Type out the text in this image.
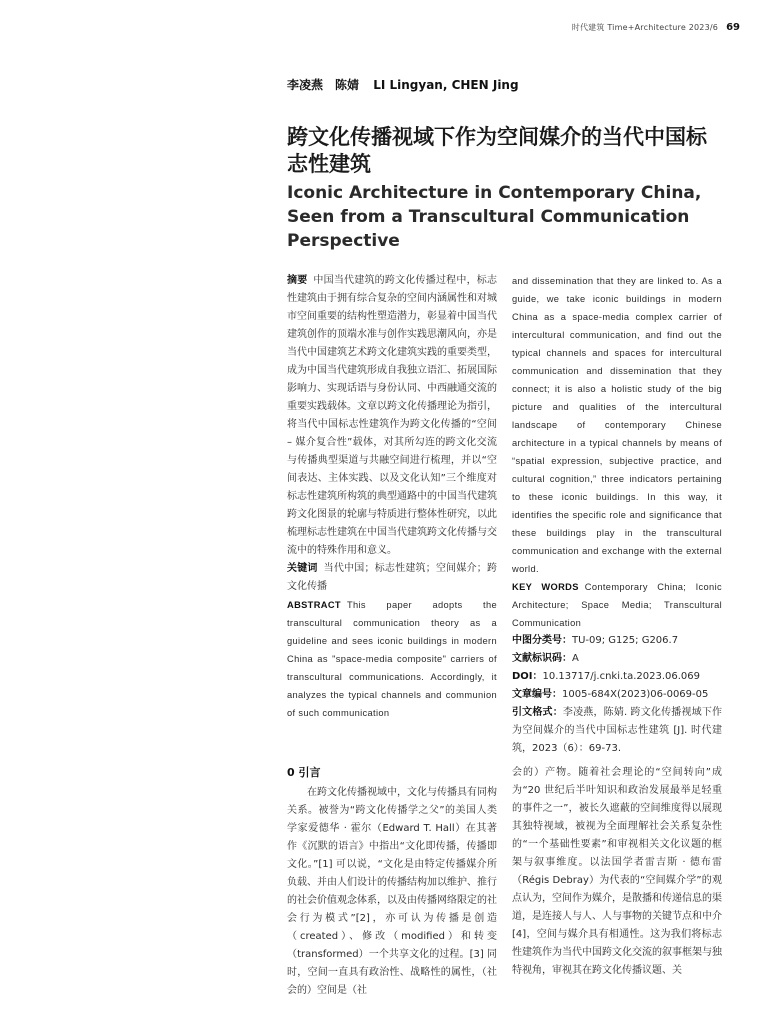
时代建筑 Time+Architecture 2023/6 69
李凌燕　陈婧 LI Lingyan, CHEN Jing
跨文化传播视域下作为空间媒介的当代中国标志性建筑
Iconic Architecture in Contemporary China, Seen from a Transcultural Communication Perspective

摘要 中国当代建筑的跨文化传播过程中，标志性建筑由于拥有综合复杂的空间内涵属性和对城市空间重要的结构性塑造潜力，彰显着中国当代建筑创作的顶端水准与创作实践思潮风向，亦是当代中国建筑艺术跨文化建筑实践的重要类型，成为中国当代建筑形成自我独立语汇、拓展国际影响力、实现话语与身份认同、中西融通交流的重要实践载体。文章以跨文化传播理论为指引，将当代中国标志性建筑作为跨文化传播的“空间 – 媒介复合性”载体，对其所勾连的跨文化交流与传播典型渠道与共融空间进行梳理，并以“空间表达、主体实践、以及文化认知”三个维度对标志性建筑所构筑的典型通路中的中国当代建筑跨文化图景的轮廓与特质进行整体性研究，以此梳理标志性建筑在中国当代建筑跨文化传播与交流中的特殊作用和意义。

关键词 当代中国；标志性建筑；空间媒介；跨文化传播

ABSTRACT This paper adopts the transcultural communication theory as a guideline and sees iconic buildings in modern China as "space-media composite" carriers of transcultural communications. Accordingly, it analyzes the typical channels and communion of such communication

and dissemination that they are linked to. As a guide, we take iconic buildings in modern China as a space-media complex carrier of intercultural communication, and find out the typical channels and spaces for intercultural communication and dissemination that they connect; it is also a holistic study of the big picture and qualities of the intercultural landscape of contemporary Chinese architecture in a typical channels by means of “spatial expression, subjective practice, and cultural cognition,” three indicators pertaining to these iconic buildings. In this way, it identifies the specific role and significance that these buildings play in the transcultural communication and exchange with the external world.

KEY WORDS Contemporary China; Iconic Architecture; Space Media; Transcultural Communication

中图分类号：TU-09; G125; G206.7

文献标识码：A

DOI：10.13717/j.cnki.ta.2023.06.069

文章编号：1005-684X(2023)06-0069-05

引文格式：李凌燕，陈婧. 跨文化传播视域下作为空间媒介的当代中国标志性建筑 [J]. 时代建筑，2023（6）：69-73.

0 引言

在跨文化传播视域中，文化与传播具有同构关系。被誉为“跨文化传播学之父”的美国人类学家爱德华 · 霍尔（Edward T. Hall）在其著作《沉默的语言》中指出“文化即传播，传播即文化。”[1] 可以说，“文化是由特定传播媒介所负载、并由人们设计的传播结构加以维护、推行的社会价值观念体系，以及由传播网络限定的社会行为模式”[2]，亦可认为传播是创造（created）、修改（modified）和转变（transformed）一个共享文化的过程。[3] 同时，空间一直具有政治性、战略性的属性，（社会的）空间是（社

会的）产物。随着社会理论的“空间转向”成为“20 世纪后半叶知识和政治发展最举足轻重的事件之一”，被长久遮蔽的空间维度得以展现其独特视域，被视为全面理解社会关系复杂性的“一个基础性要素”和审视相关文化议题的框架与叙事维度。以法国学者雷吉斯 · 德布雷（Régis Debray）为代表的“空间媒介学”的观点认为，空间作为媒介，是散播和传递信息的渠道，是连接人与人、人与事物的关键节点和中介 [4]，空间与媒介具有相通性。这为我们将标志性建筑作为当代中国跨文化交流的叙事框架与独特视角，审视其在跨文化传播议题、关
